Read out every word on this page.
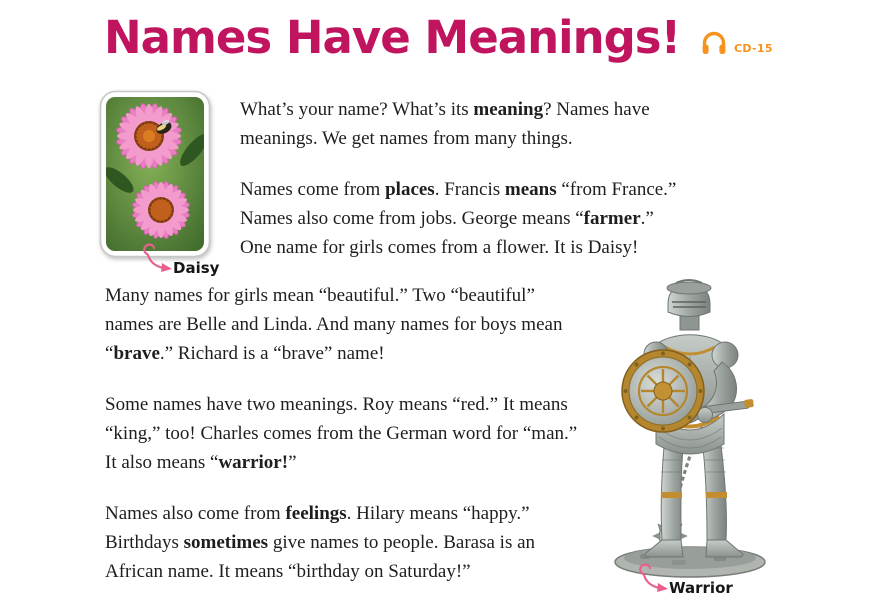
Names Have Meanings!	CD-15
Daisy
What’s your name? What’s its meaning? Names have
meanings. We get names from many things.
Names come from places. Francis means “from France.”
Names also come from jobs. George means “farmer.”
One name for girls comes from a flower. It is Daisy!
Many names for girls mean “beautiful.” Two “beautiful”
names are Belle and Linda. And many names for boys mean
“brave.” Richard is a “brave” name!
Some names have two meanings. Roy means “red.” It means
“king,” too! Charles comes from the German word for “man.”
It also means “warrior!”
Names also come from feelings. Hilary means “happy.”
Birthdays sometimes give names to people. Barasa is an
African name. It means “birthday on Saturday!”
Warrior
